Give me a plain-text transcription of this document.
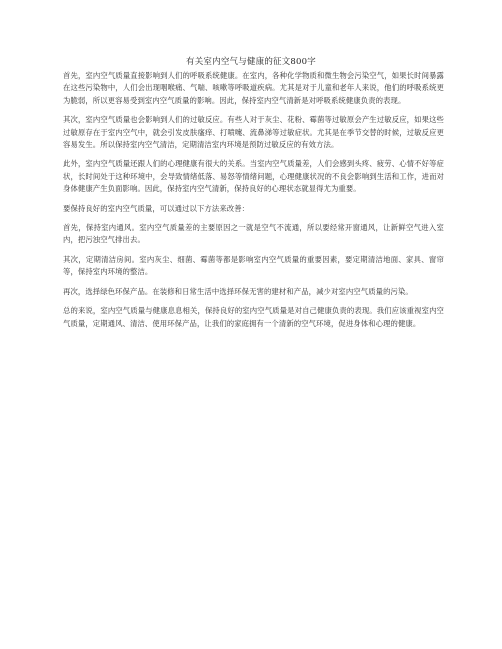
有关室内空气与健康的征文800字

首先，室内空气质量直接影响到人们的呼吸系统健康。在室内，各种化学物质和微生物会污染空气，如果长时间暴露在这些污染物中，人们会出现咽喉痛、气喘、咳嗽等呼吸道疾病。尤其是对于儿童和老年人来说，他们的呼吸系统更为脆弱，所以更容易受到室内空气质量的影响。因此，保持室内空气清新是对呼吸系统健康负责的表现。

其次，室内空气质量也会影响到人们的过敏反应。有些人对于灰尘、花粉、霉菌等过敏原会产生过敏反应，如果这些过敏原存在于室内空气中，就会引发皮肤瘙痒、打喷嚏、流鼻涕等过敏症状。尤其是在季节交替的时候，过敏反应更容易发生。所以保持室内空气清洁，定期清洁室内环境是预防过敏反应的有效方法。

此外，室内空气质量还跟人们的心理健康有很大的关系。当室内空气质量差，人们会感到头疼、疲劳、心情不好等症状，长时间处于这种环境中，会导致情绪低落、易怒等情绪问题，心理健康状况的不良会影响到生活和工作，进而对身体健康产生负面影响。因此，保持室内空气清新，保持良好的心理状态就显得尤为重要。

要保持良好的室内空气质量，可以通过以下方法来改善：

首先，保持室内通风。室内空气质量差的主要原因之一就是空气不流通，所以要经常开窗通风，让新鲜空气进入室内，把污浊空气排出去。

其次，定期清洁房间。室内灰尘、细菌、霉菌等都是影响室内空气质量的重要因素，要定期清洁地面、家具、窗帘等，保持室内环境的整洁。

再次，选择绿色环保产品。在装修和日常生活中选择环保无害的建材和产品，减少对室内空气质量的污染。

总的来说，室内空气质量与健康息息相关，保持良好的室内空气质量是对自己健康负责的表现。我们应该重视室内空气质量，定期通风、清洁、使用环保产品，让我们的家庭拥有一个清新的空气环境，促进身体和心理的健康。
